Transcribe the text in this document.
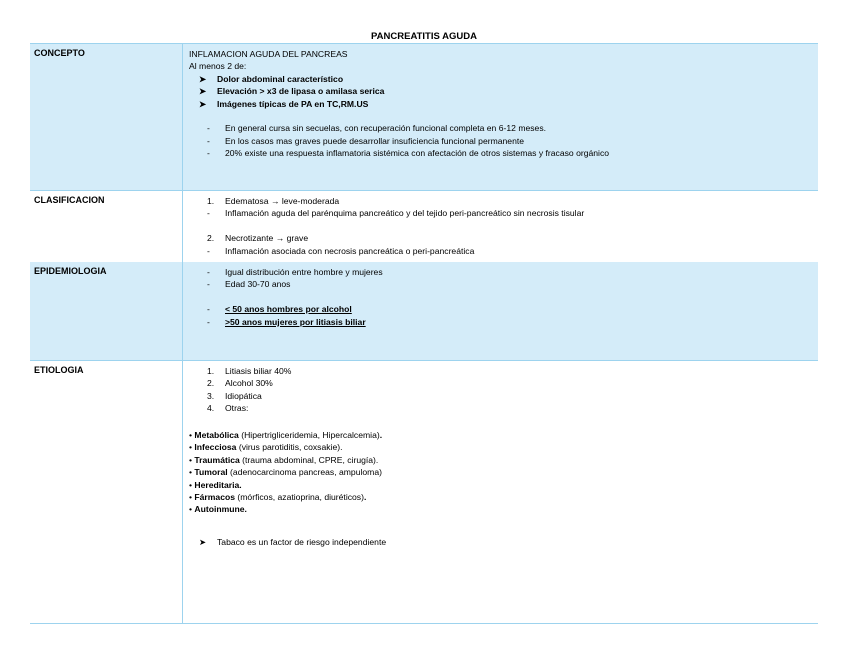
PANCREATITIS AGUDA
CONCEPTO	INFLAMACION AGUDA DEL PANCREAS
Al menos 2 de:
➤ Dolor abdominal característico
➤ Elevación > x3 de lipasa o amilasa serica
➤ Imágenes típicas de PA en TC,RM.US
- En general cursa sin secuelas, con recuperación funcional completa en 6-12 meses.
- En los casos mas graves puede desarrollar insuficiencia funcional permanente
- 20% existe una respuesta inflamatoria sistémica con afectación de otros sistemas y fracaso orgánico
CLASIFICACION	1. Edematosa → leve-moderada
- Inflamación aguda del parénquima pancreático y del tejido peri-pancreático sin necrosis tisular
2. Necrotizante → grave
- Inflamación asociada con necrosis pancreática o peri-pancreática
EPIDEMIOLOGIA	- Igual distribución entre hombre y mujeres
- Edad 30-70 anos
- < 50 anos hombres por alcohol
- >50 anos mujeres por litiasis biliar
ETIOLOGIA	1. Litiasis biliar 40%
2. Alcohol 30%
3. Idiopática
4. Otras:
• Metabólica (Hipertrigliceridemia, Hipercalcemia).
• Infecciosa (virus parotiditis, coxsakie).
• Traumática (trauma abdominal, CPRE, cirugía).
• Tumoral (adenocarcinoma pancreas, ampuloma)
• Hereditaria.
• Fármacos (mórficos, azatioprina, diuréticos).
• Autoinmune.
➤ Tabaco es un factor de riesgo independiente
